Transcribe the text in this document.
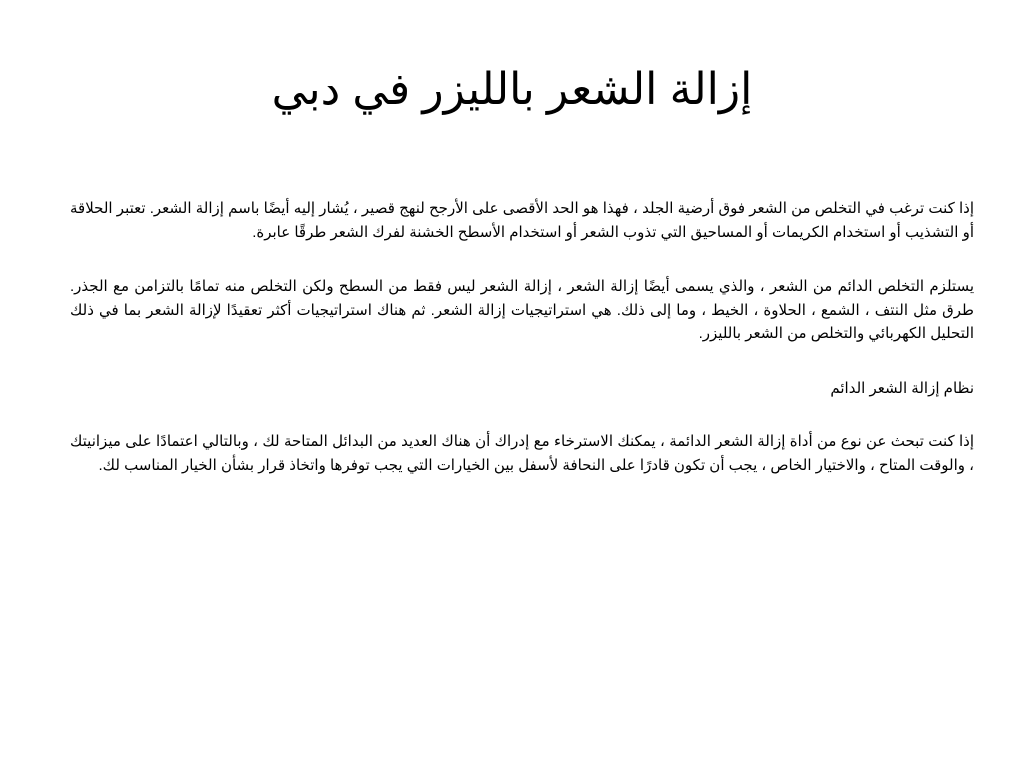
إزالة الشعر بالليزر في دبي

إذا كنت ترغب في التخلص من الشعر فوق أرضية الجلد ، فهذا هو الحد الأقصى على الأرجح لنهج قصير ، يُشار إليه أيضًا باسم إزالة الشعر. تعتبر الحلاقة أو التشذيب أو استخدام الكريمات أو المساحيق التي تذوب الشعر أو استخدام الأسطح الخشنة لفرك الشعر طرقًا عابرة.

يستلزم التخلص الدائم من الشعر ، والذي يسمى أيضًا إزالة الشعر ، إزالة الشعر ليس فقط من السطح ولكن التخلص منه تمامًا بالتزامن مع الجذر. طرق مثل النتف ، الشمع ، الحلاوة ، الخيط ، وما إلى ذلك. هي استراتيجيات إزالة الشعر. ثم هناك استراتيجيات أكثر تعقيدًا لإزالة الشعر بما في ذلك التحليل الكهربائي والتخلص من الشعر بالليزر.

نظام إزالة الشعر الدائم

إذا كنت تبحث عن نوع من أداة إزالة الشعر الدائمة ، يمكنك الاسترخاء مع إدراك أن هناك العديد من البدائل المتاحة لك ، وبالتالي اعتمادًا على ميزانيتك ، والوقت المتاح ، والاختيار الخاص ، يجب أن تكون قادرًا على النحافة لأسفل بين الخيارات التي يجب توفرها واتخاذ قرار بشأن الخيار المناسب لك.
